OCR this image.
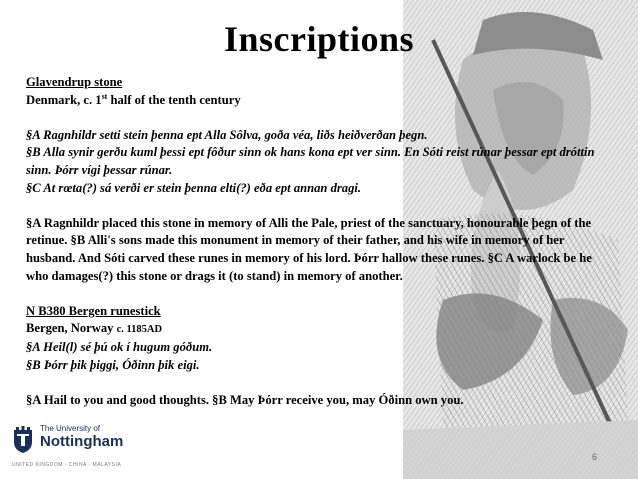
Inscriptions

Glavendrup stone

Denmark, c. 1st half of the tenth century

§A Ragnhildr setti stein þenna ept Alla Sôlva, goða véa, liðs heiðverðan þegn.

§B Alla synir gerðu kuml þessi ept fôður sinn ok hans kona ept ver sinn. En Sóti reist rúnar þessar ept dróttin sinn. Þórr vígi þessar rúnar.

§C At rœta(?) sá verði er stein þenna elti(?) eða ept annan dragi.

§A Ragnhildr placed this stone in memory of Alli the Pale, priest of the sanctuary, honourable þegn of the retinue. §B Alli's sons made this monument in memory of their father, and his wife in memory of her husband. And Sóti carved these runes in memory of his lord. Þórr hallow these runes. §C A warlock be he who damages(?) this stone or drags it (to stand) in memory of another.

N B380 Bergen runestick

Bergen, Norway c. 1185AD

§A Heil(l) sé þú ok í hugum góðum.

§B Þórr þik þiggi, Óðinn þik eigi.

§A Hail to you and good thoughts. §B May Þórr receive you, may Óðinn own you.

The University of
Nottingham
UNITED KINGDOM · CHINA · MALAYSIA
6
